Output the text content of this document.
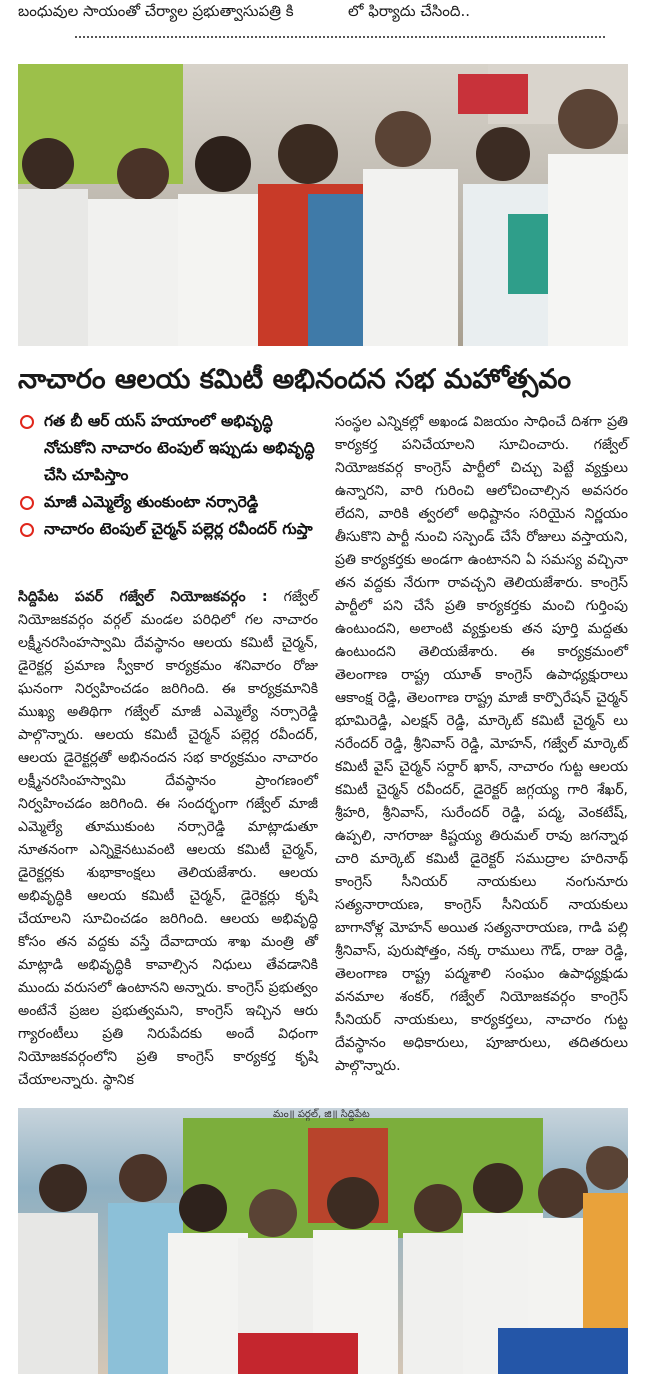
బంధువుల సాయంతో చేర్యాల ప్రభుత్వాసుపత్రి కి	లో ఫిర్యాదు చేసింది..
నాచారం ఆలయ కమిటీ అభినందన సభ మహోత్సవం
గత బీ ఆర్ యస్ హయాంలో అభివృద్ధి నోచుకోని నాచారం టెంపుల్ ఇప్పుడు అభివృద్ధి చేసి చూపిస్తాం
మాజీ ఎమ్మెల్యే తుంకుంటా నర్సారెడ్డి
నాచారం టెంపుల్ చైర్మన్ పల్లెర్ల రవీందర్ గుప్తా
సిద్దిపేట పవర్ గజ్వేల్ నియోజకవర్గం : గజ్వేల్ నియోజకవర్గం వర్గల్ మండల పరిధిలో గల నాచారం లక్ష్మీనరసింహస్వామి దేవస్థానం ఆలయ కమిటీ చైర్మన్, డైరెక్టర్ల ప్రమాణ స్వీకార కార్యక్రమం శనివారం రోజు ఘనంగా నిర్వహించడం జరిగింది. ఈ కార్యక్రమానికి ముఖ్య అతిథిగా గజ్వేల్ మాజీ ఎమ్మెల్యే నర్సారెడ్డి పాల్గొన్నారు. ఆలయ కమిటీ చైర్మన్ పల్లెర్ల రవీందర్, ఆలయ డైరెక్టర్లతో అభినందన సభ కార్యక్రమం నాచారం లక్ష్మీనరసింహస్వామి దేవస్థానం ప్రాంగణంలో నిర్వహించడం జరిగింది. ఈ సందర్భంగా గజ్వేల్ మాజీ ఎమ్మెల్యే తూముకుంట నర్సారెడ్డి మాట్లాడుతూ నూతనంగా ఎన్నికైనటువంటి ఆలయ కమిటీ చైర్మన్, డైరెక్టర్లకు శుభాకాంక్షలు తెలియజేశారు. ఆలయ అభివృద్ధికి ఆలయ కమిటీ చైర్మన్, డైరెక్టర్లు కృషి చేయాలని సూచించడం జరిగింది. ఆలయ అభివృద్ధి కోసం తన వద్దకు వస్తే దేవాదాయ శాఖ మంత్రి తో మాట్లాడి అభివృద్ధికి కావాల్సిన నిధులు తేవడానికి ముందు వరుసలో ఉంటానని అన్నారు. కాంగ్రెస్ ప్రభుత్వం అంటేనే ప్రజల ప్రభుత్వమని, కాంగ్రెస్ ఇచ్చిన ఆరు గ్యారంటీలు ప్రతి నిరుపేదకు అందే విధంగా నియోజకవర్గంలోని ప్రతి కాంగ్రెస్ కార్యకర్త కృషి చేయాలన్నారు. స్థానిక
సంస్థల ఎన్నికల్లో అఖండ విజయం సాధించే దిశగా ప్రతి కార్యకర్త పనిచేయాలని సూచించారు. గజ్వేల్ నియోజకవర్గ కాంగ్రెస్ పార్టీలో చిచ్చు పెట్టే వ్యక్తులు ఉన్నారని, వారి గురించి ఆలోచించాల్సిన అవసరం లేదని, వారికి త్వరలో అధిష్టానం సరియైన నిర్ణయం తీసుకొని పార్టీ నుంచి సస్పెండ్ చేసే రోజులు వస్తాయని, ప్రతి కార్యకర్తకు అండగా ఉంటానని ఏ సమస్య వచ్చినా తన వద్దకు నేరుగా రావచ్చని తెలియజేశారు. కాంగ్రెస్ పార్టీలో పని చేసే ప్రతి కార్యకర్తకు మంచి గుర్తింపు ఉంటుందని, అలాంటి వ్యక్తులకు తన పూర్తి మద్దతు ఉంటుందని తెలియజేశారు. ఈ కార్యక్రమంలో తెలంగాణ రాష్ట్ర యూత్ కాంగ్రెస్ ఉపాధ్యక్షురాలు ఆకాంక్ష రెడ్డి, తెలంగాణ రాష్ట్ర మాజీ కార్పొరేషన్ చైర్మన్ భూమిరెడ్డి, ఎలక్షన్ రెడ్డి, మార్కెట్ కమిటీ చైర్మన్ లు నరేందర్ రెడ్డి, శ్రీనివాస్ రెడ్డి, మోహన్, గజ్వేల్ మార్కెట్ కమిటీ వైస్ చైర్మన్ సర్దార్ ఖాన్, నాచారం గుట్ట ఆలయ కమిటీ చైర్మన్ రవీందర్, డైరెక్టర్ జగ్గయ్య గారి శేఖర్, శ్రీహరి, శ్రీనివాస్, సురేందర్ రెడ్డి, పద్మ, వెంకటేష్, ఉప్పలి, నాగరాజు కిష్టయ్య తిరుమల్ రావు జగన్నాథ చారి మార్కెట్ కమిటీ డైరెక్టర్ సముద్రాల హరినాథ్ కాంగ్రెస్ సీనియర్ నాయకులు నంగునూరు సత్యనారాయణ, కాంగ్రెస్ సీనియర్ నాయకులు బాగానోళ్ల మోహన్ అయిత సత్యనారాయణ, గాడి పల్లి శ్రీనివాస్, పురుషోత్తం, నక్క రాములు గౌడ్, రాజు రెడ్డి, తెలంగాణ రాష్ట్ర పద్మశాలి సంఘం ఉపాధ్యక్షుడు వనమాల శంకర్, గజ్వేల్ నియోజకవర్గం కాంగ్రెస్ సీనియర్ నాయకులు, కార్యకర్తలు, నాచారం గుట్ట దేవస్థానం అధికారులు, పూజారులు, తదితరులు పాల్గొన్నారు.
మం॥ పర్గల్, జి॥ సిద్దిపేట
